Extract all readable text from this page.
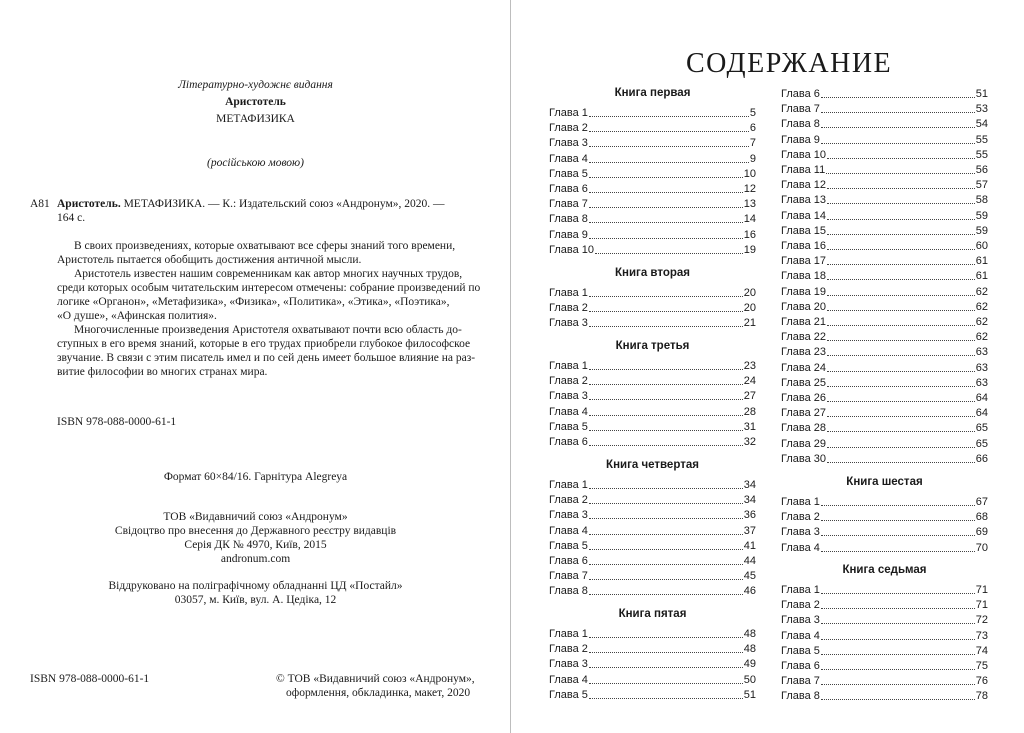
Літературно-художнє видання
Аристотель
МЕТАФИЗИКА
(російською мовою)
А81 Аристотель. МЕТАФИЗИКА. — К.: Издательский союз «Андронум», 2020. —
164 с.
В своих произведениях, которые охватывают все сферы знаний того времени,
Аристотель пытается обобщить достижения античной мысли.
Аристотель известен нашим современникам как автор многих научных трудов,
среди которых особым читательским интересом отмечены: собрание произведений по
логике «Органон», «Метафизика», «Физика», «Политика», «Этика», «Поэтика»,
«О душе», «Афинская полития».
Многочисленные произведения Аристотеля охватывают почти всю область до-
ступных в его время знаний, которые в его трудах приобрели глубокое философское
звучание. В связи с этим писатель имел и по сей день имеет большое влияние на раз-
витие философии во многих странах мира.
ISBN 978-088-0000-61-1
Формат 60×84/16. Гарнітура Alegreya
ТОВ «Видавничий союз «Андронум»
Свідоцтво про внесення до Державного реєстру видавців
Серія ДК № 4970, Київ, 2015
andronum.com
Віддруковано на поліграфічному обладнанні ЦД «Постайл»
03057, м. Київ, вул. А. Цедіка, 12
ISBN 978-088-0000-61-1	© ТОВ «Видавничий союз «Андронум»,
оформлення, обкладинка, макет, 2020
СОДЕРЖАНИЕ
Книга первая
Глава 1	5
Глава 2	6
Глава 3	7
Глава 4	9
Глава 5	10
Глава 6	12
Глава 7	13
Глава 8	14
Глава 9	16
Глава 10	19
Книга вторая
Глава 1	20
Глава 2	20
Глава 3	21
Книга третья
Глава 1	23
Глава 2	24
Глава 3	27
Глава 4	28
Глава 5	31
Глава 6	32
Книга четвертая
Глава 1	34
Глава 2	34
Глава 3	36
Глава 4	37
Глава 5	41
Глава 6	44
Глава 7	45
Глава 8	46
Книга пятая
Глава 1	48
Глава 2	48
Глава 3	49
Глава 4	50
Глава 5	51
Глава 6	51
Глава 7	53
Глава 8	54
Глава 9	55
Глава 10	55
Глава 11	56
Глава 12	57
Глава 13	58
Глава 14	59
Глава 15	59
Глава 16	60
Глава 17	61
Глава 18	61
Глава 19	62
Глава 20	62
Глава 21	62
Глава 22	62
Глава 23	63
Глава 24	63
Глава 25	63
Глава 26	64
Глава 27	64
Глава 28	65
Глава 29	65
Глава 30	66
Книга шестая
Глава 1	67
Глава 2	68
Глава 3	69
Глава 4	70
Книга седьмая
Глава 1	71
Глава 2	71
Глава 3	72
Глава 4	73
Глава 5	74
Глава 6	75
Глава 7	76
Глава 8	78
